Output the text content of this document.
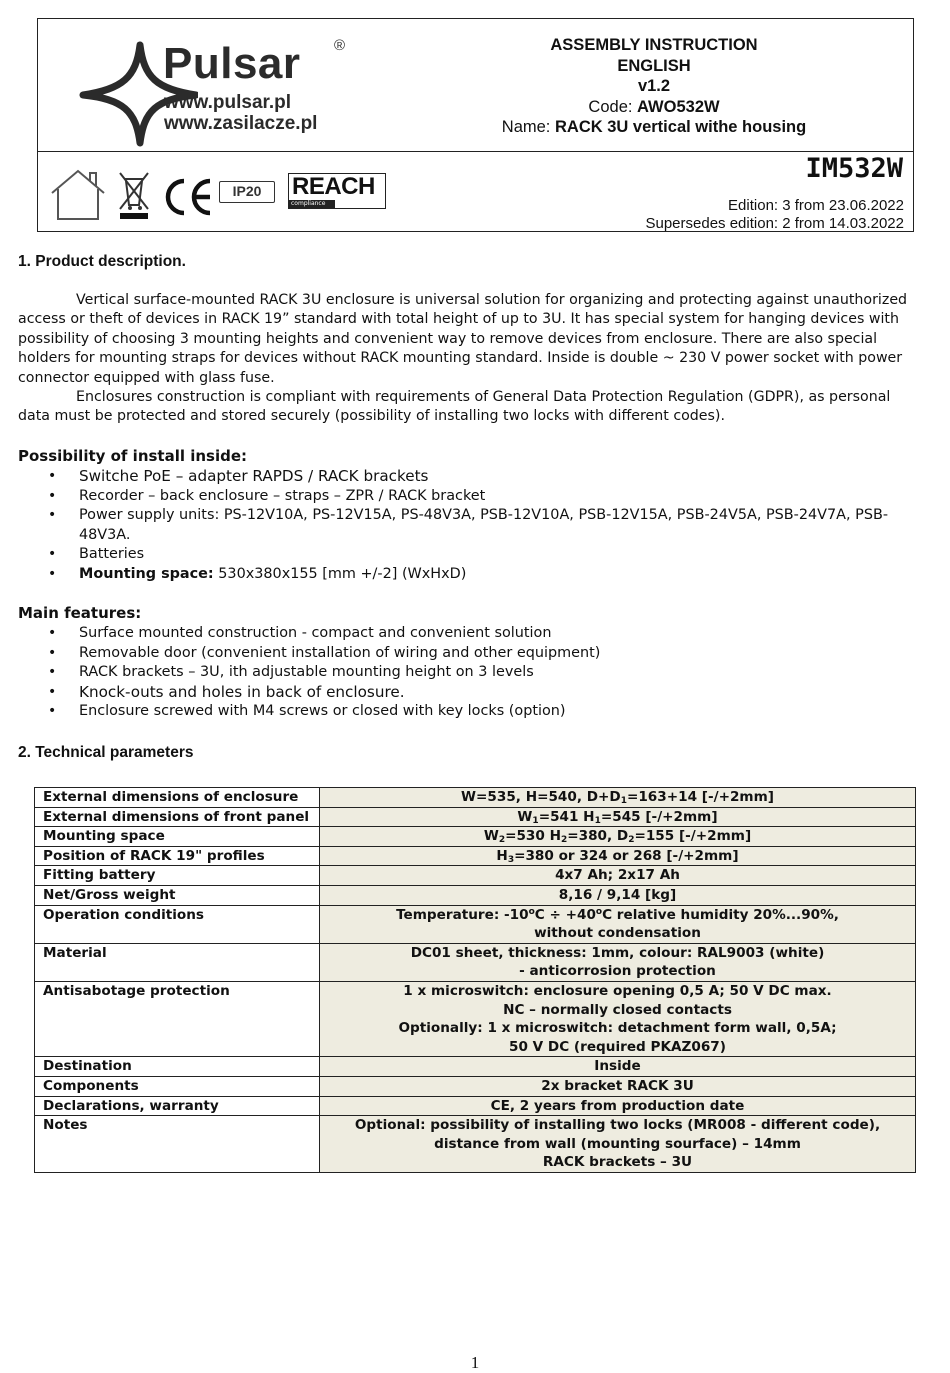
Pulsar ®
www.pulsar.pl
www.zasilacze.pl
ASSEMBLY INSTRUCTION
ENGLISH
v1.2
Code: AWO532W
Name: RACK 3U vertical withe housing
IP20	REACH
compliance
IM532W
Edition: 3 from 23.06.2022
Supersedes edition: 2 from 14.03.2022
1. Product description.
Vertical surface-mounted RACK 3U enclosure is universal solution for organizing and protecting against unauthorized access or theft of devices in RACK 19” standard with total height of up to 3U. It has special system for hanging devices with possibility of choosing 3 mounting heights and convenient way to remove devices from enclosure. There are also special holders for mounting straps for devices without RACK mounting standard. Inside is double ~ 230 V power socket with power connector equipped with glass fuse.
Enclosures construction is compliant with requirements of General Data Protection Regulation (GDPR), as personal data must be protected and stored securely (possibility of installing two locks with different codes).
Possibility of install inside:
• Switche PoE – adapter RAPDS / RACK brackets
• Recorder – back enclosure – straps – ZPR / RACK bracket
• Power supply units: PS-12V10A, PS-12V15A, PS-48V3A, PSB-12V10A, PSB-12V15A, PSB-24V5A, PSB-24V7A, PSB-48V3A.
• Batteries
• Mounting space: 530x380x155 [mm +/-2] (WxHxD)
Main features:
• Surface mounted construction - compact and convenient solution
• Removable door (convenient installation of wiring and other equipment)
• RACK brackets – 3U, ith adjustable mounting height on 3 levels
• Knock-outs and holes in back of enclosure.
• Enclosure screwed with M4 screws or closed with key locks (option)
2. Technical parameters
External dimensions of enclosure	W=535, H=540, $D+D_1=163+14$ [-/+2mm]
External dimensions of front panel	$W_1=541$ $H_1=545$ [-/+2mm]
Mounting space	$W_2=530$ $H_2=380$, $D_2=155$ [-/+2mm]
Position of RACK 19" profiles	$H_3=380$ or 324 or 268 [-/+2mm]
Fitting battery	4x7 Ah; 2x17 Ah
Net/Gross weight	8,16 / 9,14 [kg]
Operation conditions	Temperature: $-10^oC \div +40^oC$ relative humidity 20%...90%,
without condensation
Material	DC01 sheet, thickness: 1mm, colour: RAL9003 (white)
- anticorrosion protection
Antisabotage protection	1 x microswitch: enclosure opening 0,5 A; 50 V DC max.
NC – normally closed contacts
Optionally: 1 x microswitch: detachment form wall, 0,5A;
50 V DC (required PKAZ067)
Destination	Inside
Components	2x bracket RACK 3U
Declarations, warranty	CE, 2 years from production date
Notes	Optional: possibility of installing two locks (MR008 - different code),
distance from wall (mounting sourface) – 14mm
RACK brackets – 3U
1
